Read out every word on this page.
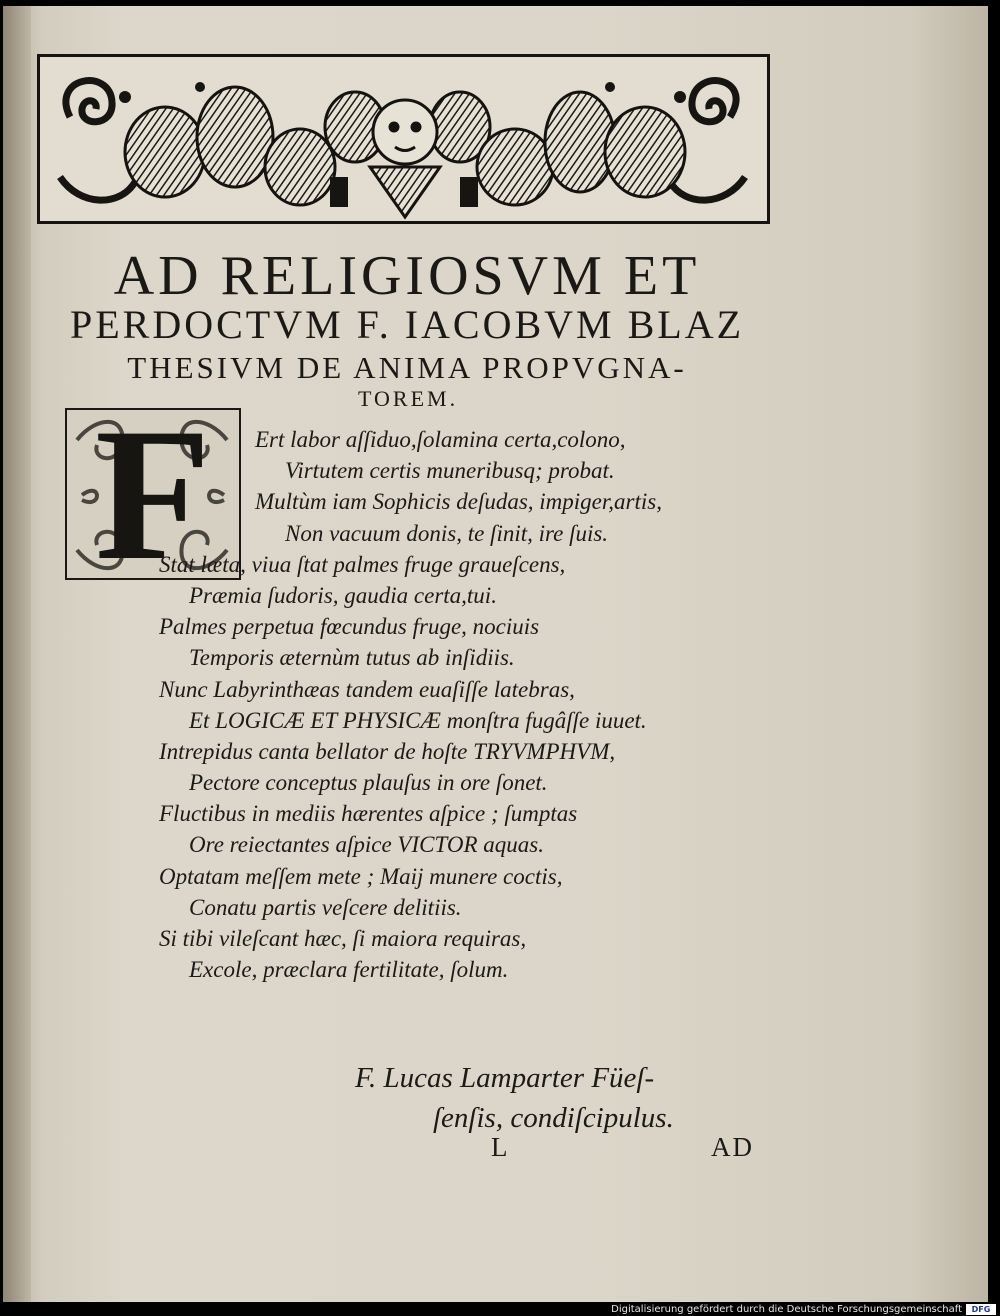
AD RELIGIOSVM ET
PERDOCTVM F. IACOBVM BLAZ
THESIVM DE ANIMA PROPVGNA-
TOREM.
F	Ert labor aſſiduo,ſolamina certa,colono,
Virtutem certis muneribusq; probat.
Multùm iam Sophicis deſudas, impiger,artis,
Non vacuum donis, te ſinit, ire ſuis.
Stat læta, viua ſtat palmes fruge graueſcens,
Præmia ſudoris, gaudia certa,tui.
Palmes perpetua fœcundus fruge, nociuis
Temporis æternùm tutus ab inſidiis.
Nunc Labyrinthæas tandem euaſiſſe latebras,
Et LOGICÆ ET PHYSICÆ monſtra fugâſſe iuuet.
Intrepidus canta bellator de hoſte TRYVMPHVM,
Pectore conceptus plauſus in ore ſonet.
Fluctibus in mediis hærentes aſpice ; ſumptas
Ore reiectantes aſpice VICTOR aquas.
Optatam meſſem mete ; Maij munere coctis,
Conatu partis veſcere delitiis.
Si tibi vileſcant hæc, ſi maiora requiras,
Excole, præclara fertilitate, ſolum.
F. Lucas Lamparter Füeſ-
ſenſis, condiſcipulus.
L	AD
Digitalisierung gefördert durch die Deutsche Forschungsgemeinschaft	DFG
